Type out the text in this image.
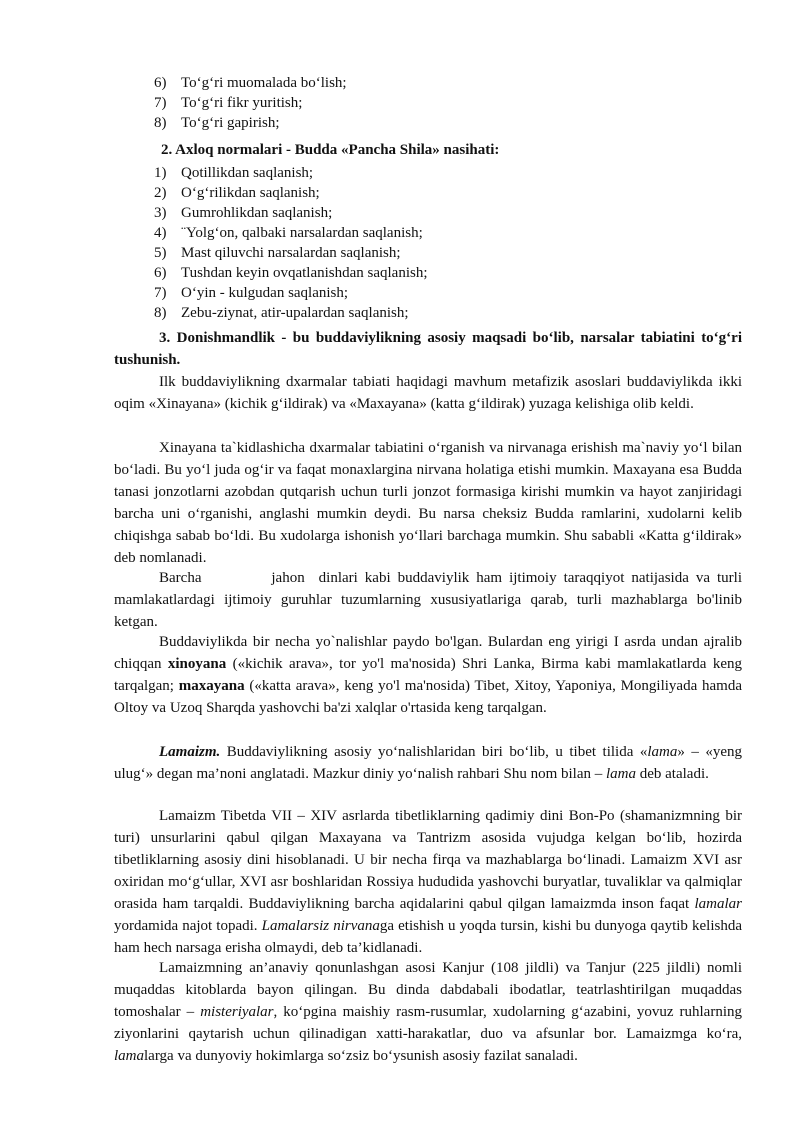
6) To‘g‘ri muomalada bo‘lish;
7) To‘g‘ri fikr yuritish;
8) To‘g‘ri gapirish;
2. Axloq normalari - Budda «Pancha Shila» nasihati:
1) Qotillikdan saqlanish;
2) O‘g‘rilikdan saqlanish;
3) Gumrohlikdan saqlanish;
4) ¨Yolg‘on, qalbaki narsalardan saqlanish;
5) Mast qiluvchi narsalardan saqlanish;
6) Tushdan keyin ovqatlanishdan saqlanish;
7) O‘yin - kulgudan saqlanish;
8) Zebu-ziynat, atir-upalardan saqlanish;

3. Donishmandlik - bu buddaviylikning asosiy maqsadi bo‘lib, narsalar tabiatini to‘g‘ri tushunish.

Ilk buddaviylikning dxarmalar tabiati haqidagi mavhum metafizik asoslari buddaviylikda ikki oqim «Xinayana» (kichik g‘ildirak) va «Maxayana» (katta g‘ildirak) yuzaga kelishiga olib keldi.

Xinayana ta`kidlashicha dxarmalar tabiatini o‘rganish va nirvanaga erishish ma`naviy yo‘l bilan bo‘ladi. Bu yo‘l juda og‘ir va faqat monaxlargina nirvana holatiga etishi mumkin. Maxayana esa Budda tanasi jonzotlarni azobdan qutqarish uchun turli jonzot formasiga kirishi mumkin va hayot zanjiridagi barcha uni o‘rganishi, anglashi mumkin deydi. Bu narsa cheksiz Budda ramlarini, xudolarni kelib chiqishga sabab bo‘ldi. Bu xudolarga ishonish yo‘llari barchaga mumkin. Shu sababli «Katta g‘ildirak» deb nomlanadi.

Barcha          jahon  dinlari kabi buddaviylik ham ijtimoiy taraqqiyot natijasida va turli mamlakatlardagi ijtimoiy guruhlar tuzumlarning xususiyatlariga qarab, turli mazhablarga bo'linib ketgan.

Buddaviylikda bir necha yo`nalishlar paydo bo'lgan. Bulardan eng yirigi I asrda undan ajralib chiqqan xinoyana («kichik arava», tor yo'l ma'nosida) Shri Lanka, Birma kabi mamlakatlarda keng tarqalgan; maxayana («katta arava», keng yo'l ma'nosida) Tibet, Xitoy, Yaponiya, Mongiliyada hamda Oltoy va Uzoq Sharqda yashovchi ba'zi xalqlar o'rtasida keng tarqalgan.

Lamaizm. Buddaviylikning asosiy yo‘nalishlaridan biri bo‘lib, u tibet tilida «lama» – «yeng ulug‘» degan ma’noni anglatadi. Mazkur diniy yo‘nalish rahbari Shu nom bilan – lama deb ataladi.

Lamaizm Tibetda VII – XIV asrlarda tibetliklarning qadimiy dini Bon-Po (shamanizmning bir turi) unsurlarini qabul qilgan Maxayana va Tantrizm asosida vujudga kelgan bo‘lib, hozirda tibetliklarning asosiy dini hisoblanadi. U bir necha firqa va mazhablarga bo‘linadi. Lamaizm XVI asr oxiridan mo‘g‘ullar, XVI asr boshlaridan Rossiya hududida yashovchi buryatlar, tuvaliklar va qalmiqlar orasida ham tarqaldi. Buddaviylikning barcha aqidalarini qabul qilgan lamaizmda inson faqat lamalar yordamida najot topadi. Lamalarsiz nirvanaga etishish u yoqda tursin, kishi bu dunyoga qaytib kelishda ham hech narsaga erisha olmaydi, deb ta’kidlanadi.

Lamaizmning an’anaviy qonunlashgan asosi Kanjur (108 jildli) va Tanjur (225 jildli) nomli muqaddas kitoblarda bayon qilingan. Bu dinda dabdabali ibodatlar, teatrlashtirilgan muqaddas tomoshalar – misteriyalar, ko‘pgina maishiy rasm-rusumlar, xudolarning g‘azabini, yovuz ruhlarning ziyonlarini qaytarish uchun qilinadigan xatti-harakatlar, duo va afsunlar bor. Lamaizmga ko‘ra, lamalarga va dunyoviy hokimlarga so‘zsiz bo‘ysunish asosiy fazilat sanaladi.
